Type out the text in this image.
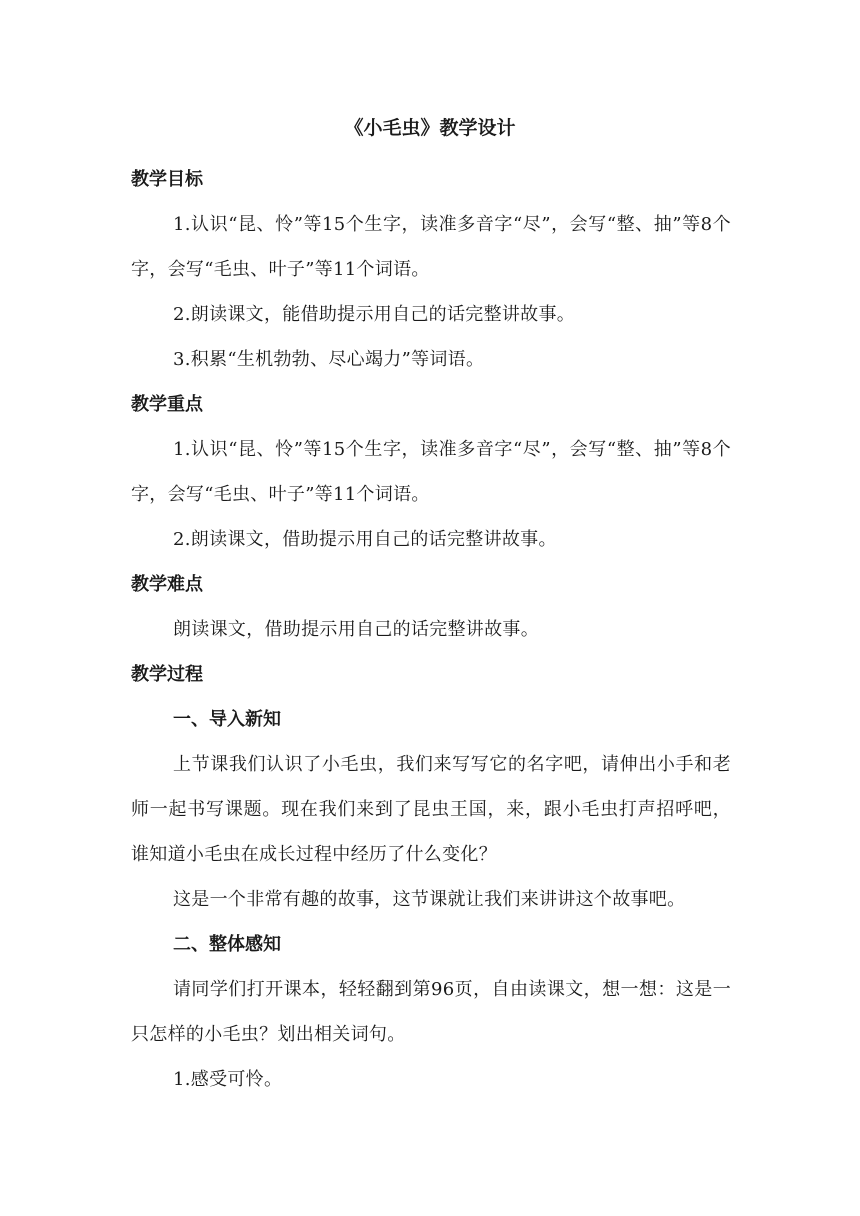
《小毛虫》教学设计
教学目标
1.认识“昆、怜”等15个生字，读准多音字“尽”，会写“整、抽”等8个字，会写“毛虫、叶子”等11个词语。
2.朗读课文，能借助提示用自己的话完整讲故事。
3.积累“生机勃勃、尽心竭力”等词语。
教学重点
1.认识“昆、怜”等15个生字，读准多音字“尽”，会写“整、抽”等8个字，会写“毛虫、叶子”等11个词语。
2.朗读课文，借助提示用自己的话完整讲故事。
教学难点
朗读课文，借助提示用自己的话完整讲故事。
教学过程
一、导入新知
上节课我们认识了小毛虫，我们来写写它的名字吧，请伸出小手和老师一起书写课题。现在我们来到了昆虫王国，来，跟小毛虫打声招呼吧，谁知道小毛虫在成长过程中经历了什么变化？
这是一个非常有趣的故事，这节课就让我们来讲讲这个故事吧。
二、整体感知
请同学们打开课本，轻轻翻到第96页，自由读课文，想一想：这是一只怎样的小毛虫？划出相关词句。
1.感受可怜。
